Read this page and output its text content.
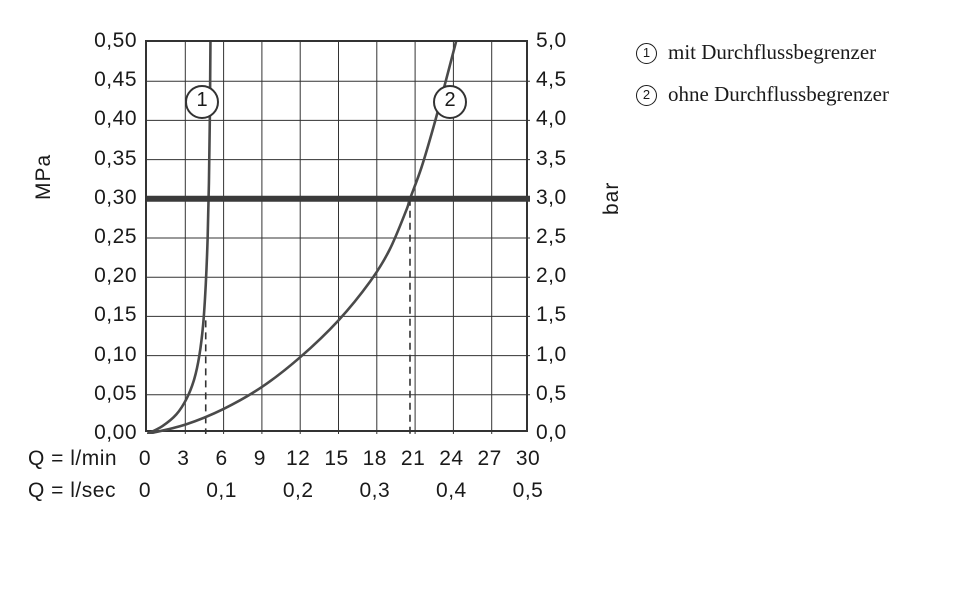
0,50
0,45
0,40
0,35
0,30
0,25
0,20
0,15
0,10
0,05
0,00
5,0
4,5
4,0
3,5
3,0
2,5
2,0
1,5
1,0
0,5
0,0
MPa	bar
Q = l/min 0 3 6 9 12 15 18 21 24 27 30
Q = l/sec 0	0,1 0,2 0,3 0,4 0,5
1	2
1 mit Durchflussbegrenzer
2 ohne Durchflussbegrenzer
